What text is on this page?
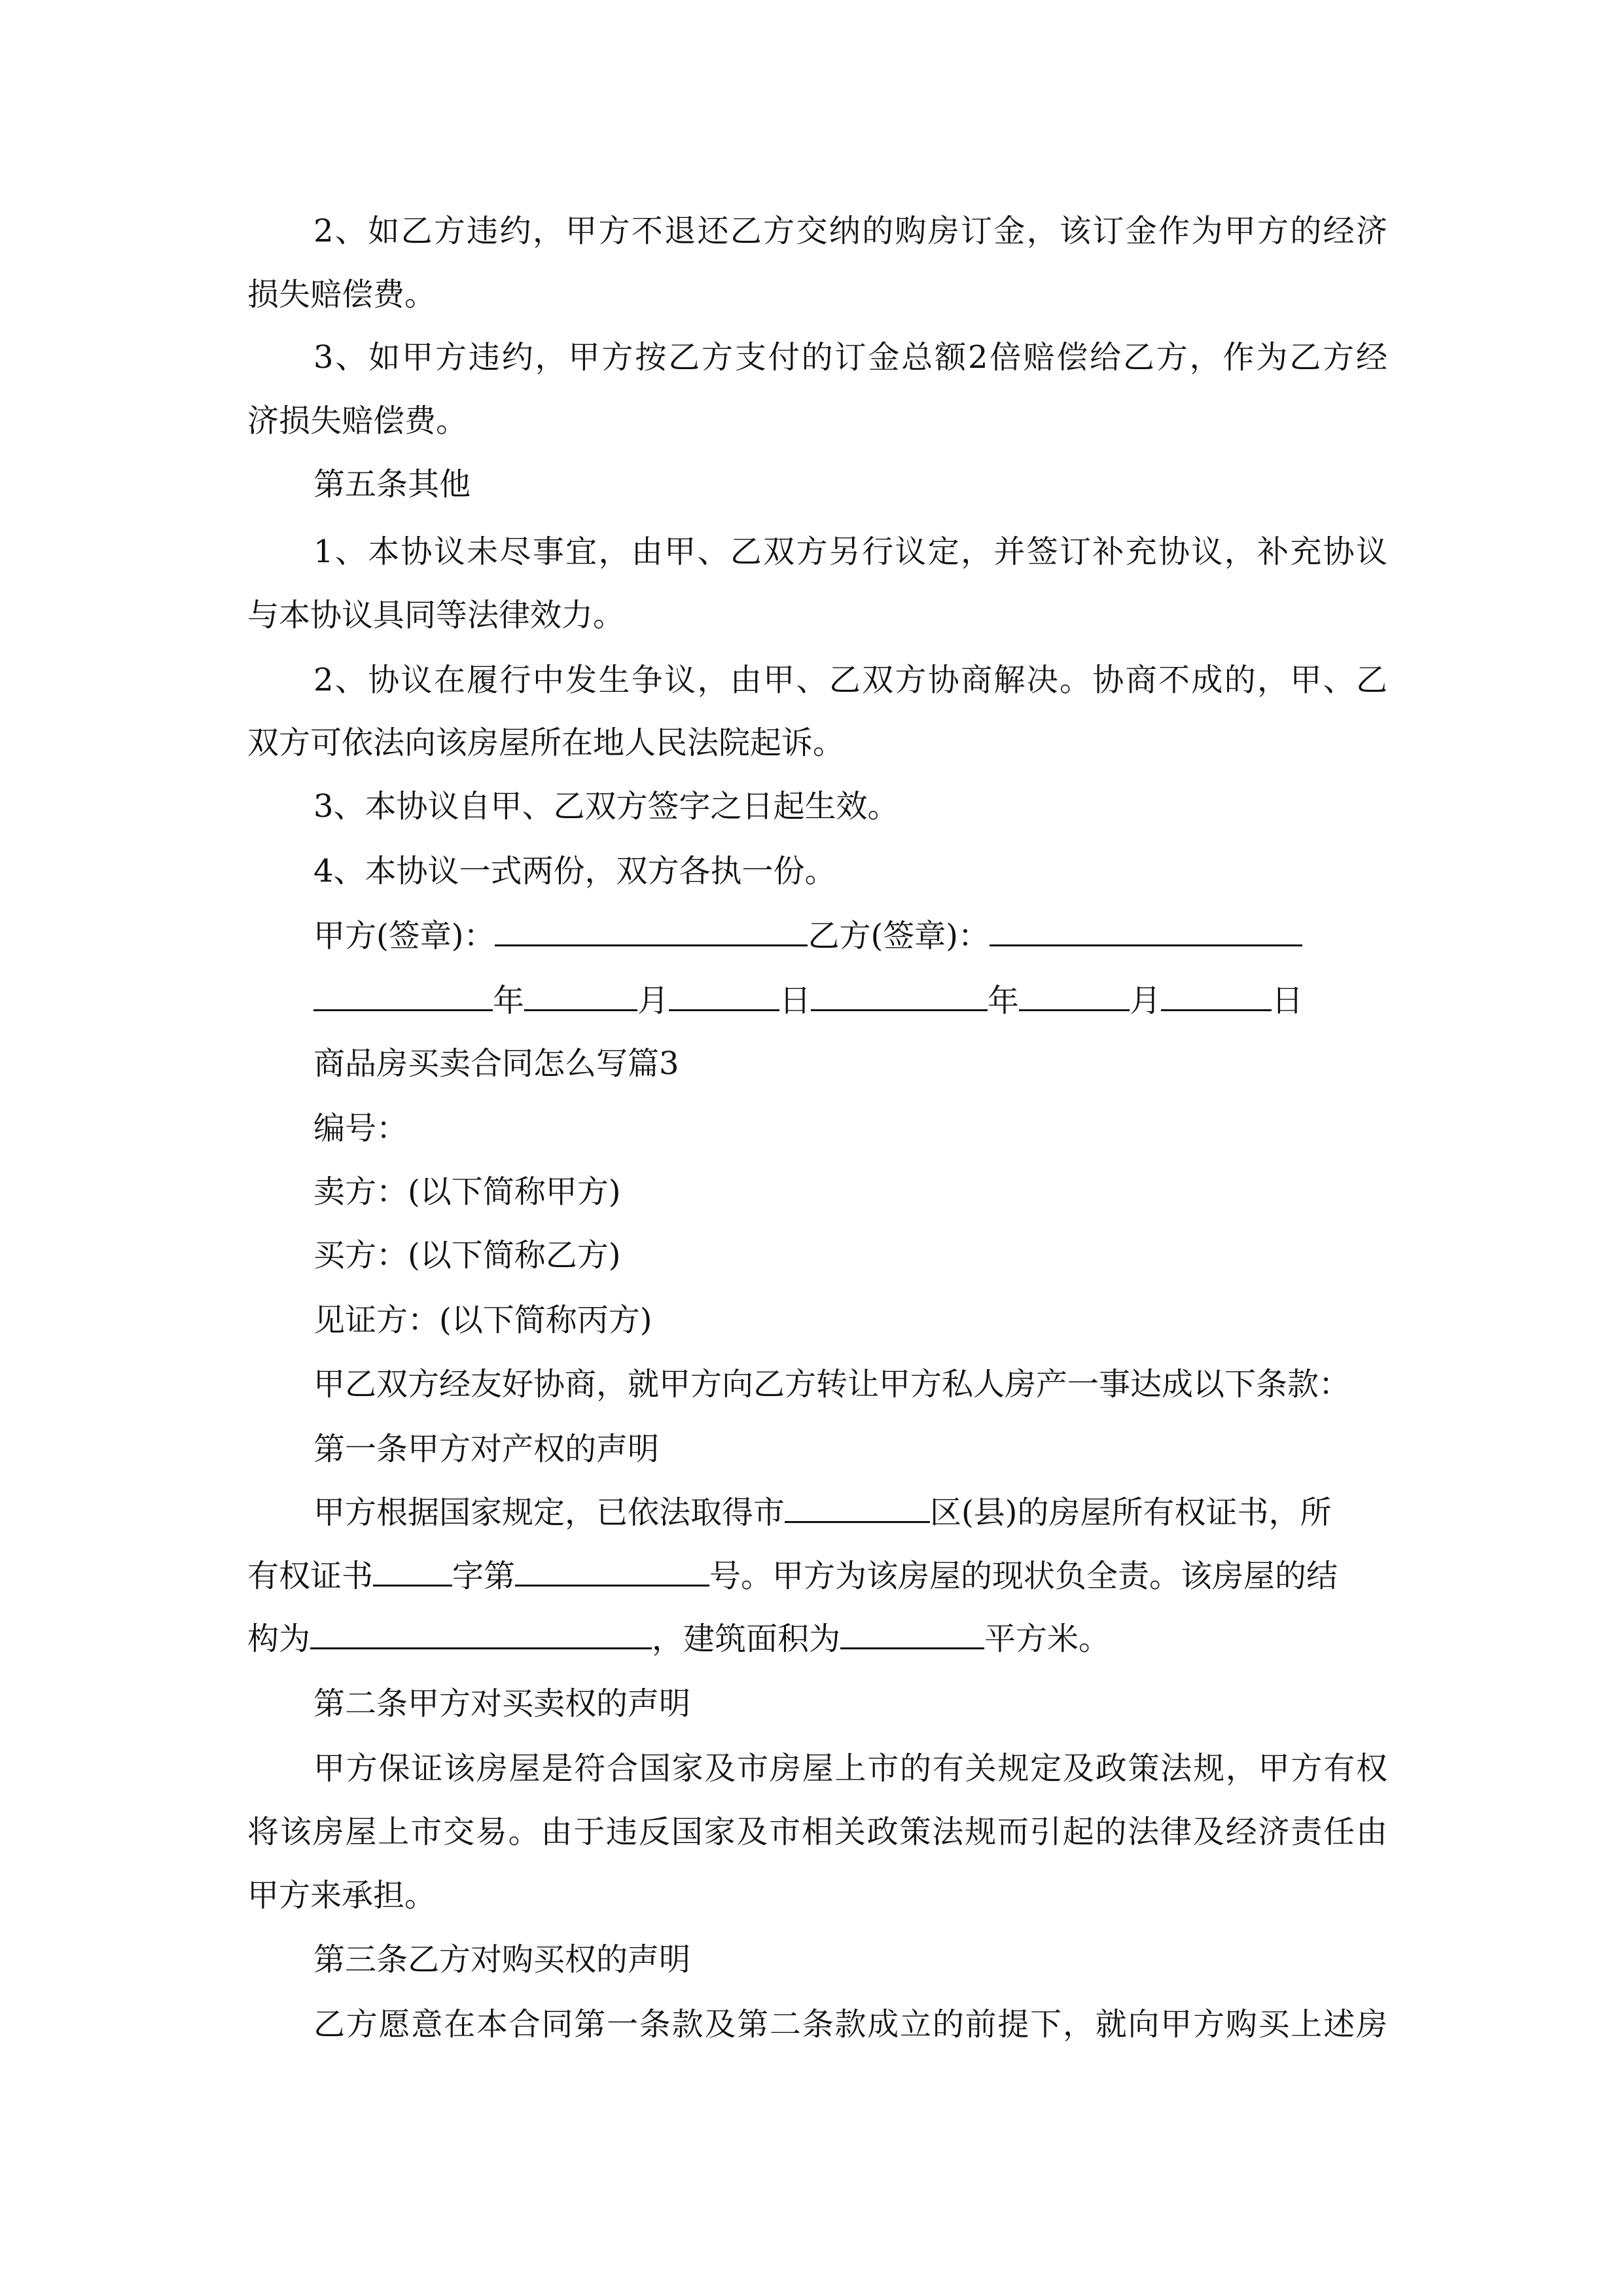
2、如乙方违约，甲方不退还乙方交纳的购房订金，该订金作为甲方的经济
损失赔偿费。
3、如甲方违约，甲方按乙方支付的订金总额2倍赔偿给乙方，作为乙方经
济损失赔偿费。
第五条其他
1、本协议未尽事宜，由甲、乙双方另行议定，并签订补充协议，补充协议
与本协议具同等法律效力。
2、协议在履行中发生争议，由甲、乙双方协商解决。协商不成的，甲、乙
双方可依法向该房屋所在地人民法院起诉。
3、本协议自甲、乙双方签字之日起生效。
4、本协议一式两份，双方各执一份。
甲方(签章)：	乙方(签章)：
年	月	日	年	月	日
商品房买卖合同怎么写篇3
编号：
卖方：(以下简称甲方)
买方：(以下简称乙方)
见证方：(以下简称丙方)
甲乙双方经友好协商，就甲方向乙方转让甲方私人房产一事达成以下条款：
第一条甲方对产权的声明
甲方根据国家规定，已依法取得市	区(县)的房屋所有权证书，所
有权证书	字第	号。甲方为该房屋的现状负全责。该房屋的结
构为	，建筑面积为	平方米。
第二条甲方对买卖权的声明
甲方保证该房屋是符合国家及市房屋上市的有关规定及政策法规，甲方有权
将该房屋上市交易。由于违反国家及市相关政策法规而引起的法律及经济责任由
甲方来承担。
第三条乙方对购买权的声明
乙方愿意在本合同第一条款及第二条款成立的前提下，就向甲方购买上述房
